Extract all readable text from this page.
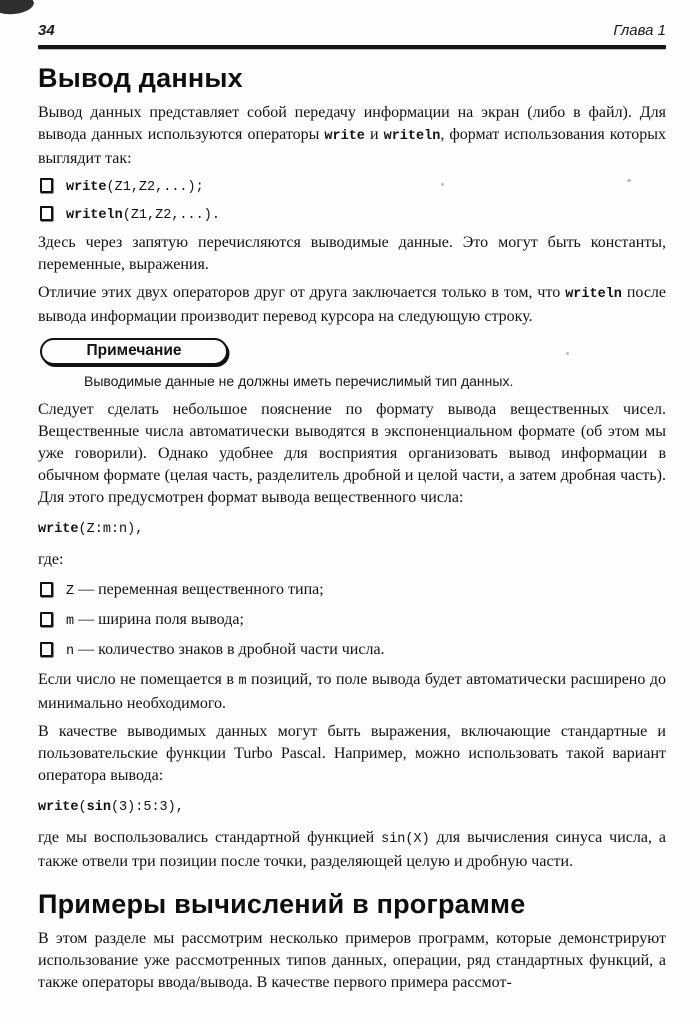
34	Глава 1
Вывод данных

Вывод данных представляет собой передачу информации на экран (либо в файл). Для вывода данных используются операторы write и writeln, формат использования которых выглядит так:

write(Z1,Z2,...);
writeln(Z1,Z2,...).

Здесь через запятую перечисляются выводимые данные. Это могут быть константы, переменные, выражения.

Отличие этих двух операторов друг от друга заключается только в том, что writeln после вывода информации производит перевод курсора на следующую строку.

Примечание
Выводимые данные не должны иметь перечислимый тип данных.

Следует сделать небольшое пояснение по формату вывода вещественных чисел. Вещественные числа автоматически выводятся в экспоненциальном формате (об этом мы уже говорили). Однако удобнее для восприятия организовать вывод информации в обычном формате (целая часть, разделитель дробной и целой части, а затем дробная часть). Для этого предусмотрен формат вывода вещественного числа:

write(Z:m:n),

где:

Z — переменная вещественного типа;
m — ширина поля вывода;
n — количество знаков в дробной части числа.

Если число не помещается в m позиций, то поле вывода будет автоматически расширено до минимально необходимого.

В качестве выводимых данных могут быть выражения, включающие стандартные и пользовательские функции Turbo Pascal. Например, можно использовать такой вариант оператора вывода:

write(sin(3):5:3),

где мы воспользовались стандартной функцией sin(X) для вычисления синуса числа, а также отвели три позиции после точки, разделяющей целую и дробную части.

Примеры вычислений в программе

В этом разделе мы рассмотрим несколько примеров программ, которые демонстрируют использование уже рассмотренных типов данных, операции, ряд стандартных функций, а также операторы ввода/вывода. В качестве первого примера рассмот-
